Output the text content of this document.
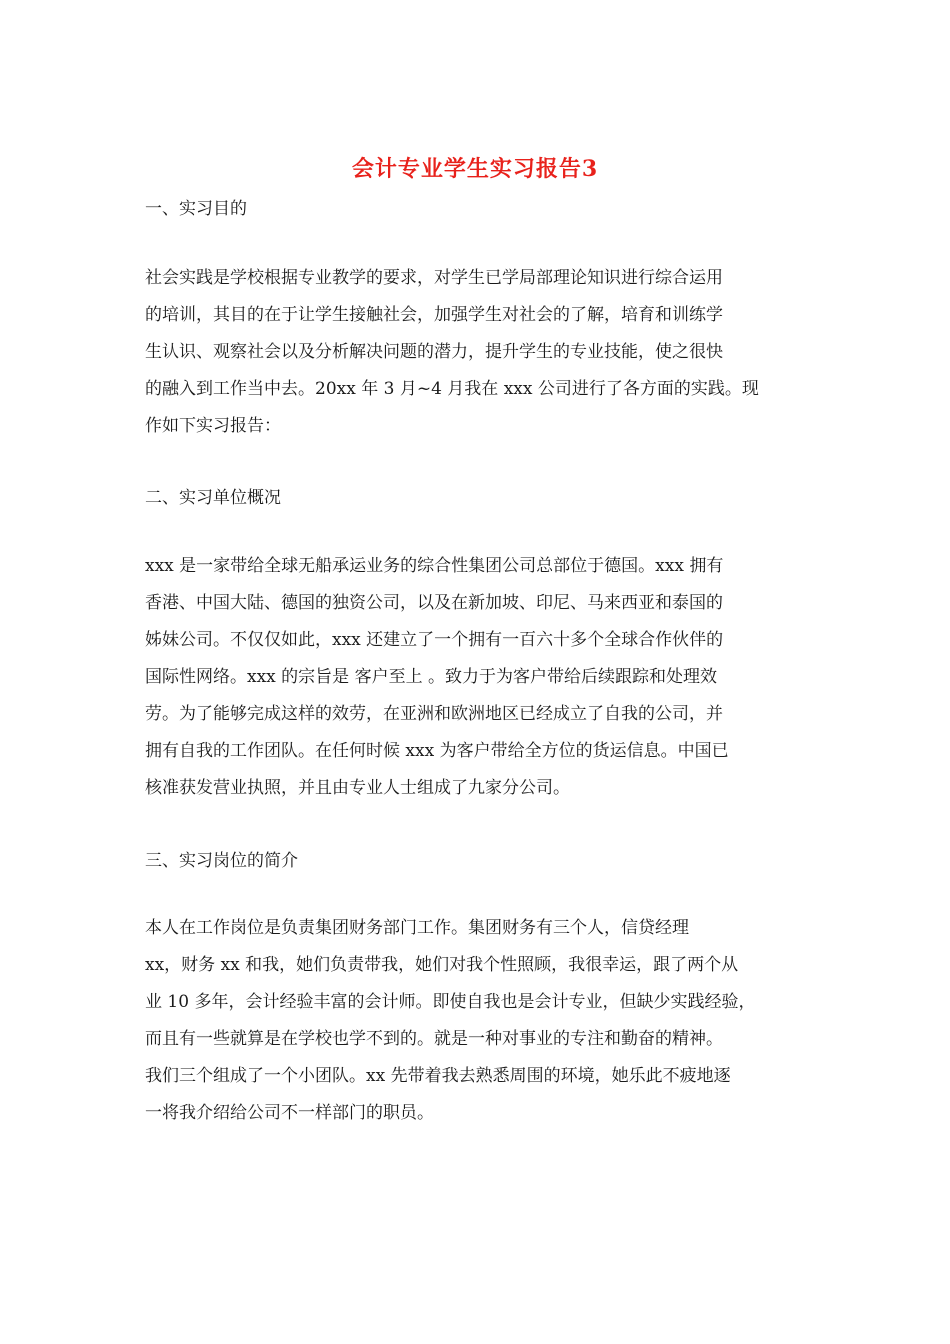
会计专业学生实习报告3
一、实习目的
社会实践是学校根据专业教学的要求，对学生已学局部理论知识进行综合运用
的培训，其目的在于让学生接触社会，加强学生对社会的了解，培育和训练学
生认识、观察社会以及分析解决问题的潜力，提升学生的专业技能，使之很快
的融入到工作当中去。20xx 年 3 月~4 月我在 xxx 公司进行了各方面的实践。现
作如下实习报告：
二、实习单位概况
xxx 是一家带给全球无船承运业务的综合性集团公司总部位于德国。xxx 拥有
香港、中国大陆、德国的独资公司，以及在新加坡、印尼、马来西亚和泰国的
姊妹公司。不仅仅如此，xxx 还建立了一个拥有一百六十多个全球合作伙伴的
国际性网络。xxx 的宗旨是 客户至上 。致力于为客户带给后续跟踪和处理效
劳。为了能够完成这样的效劳，在亚洲和欧洲地区已经成立了自我的公司，并
拥有自我的工作团队。在任何时候 xxx 为客户带给全方位的货运信息。中国已
核准获发营业执照，并且由专业人士组成了九家分公司。
三、实习岗位的简介
本人在工作岗位是负责集团财务部门工作。集团财务有三个人，信贷经理
xx，财务 xx 和我，她们负责带我，她们对我个性照顾，我很幸运，跟了两个从
业 10 多年，会计经验丰富的会计师。即使自我也是会计专业，但缺少实践经验，
而且有一些就算是在学校也学不到的。就是一种对事业的专注和勤奋的精神。
我们三个组成了一个小团队。xx 先带着我去熟悉周围的环境，她乐此不疲地逐
一将我介绍给公司不一样部门的职员。
